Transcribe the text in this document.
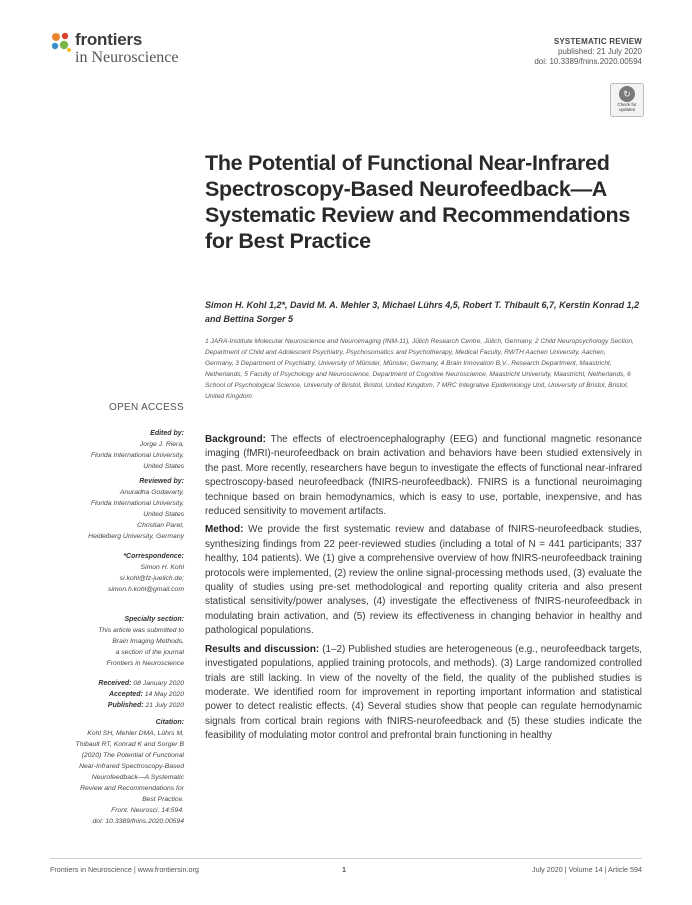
frontiers
in Neuroscience
SYSTEMATIC REVIEW
published: 21 July 2020
doi: 10.3389/fnins.2020.00594
↻
Check for updates
The Potential of Functional Near-Infrared Spectroscopy-Based Neurofeedback—A Systematic Review and Recommendations for Best Practice
Simon H. Kohl 1,2*, David M. A. Mehler 3, Michael Lührs 4,5, Robert T. Thibault 6,7, Kerstin Konrad 1,2 and Bettina Sorger 5
1 JARA-Institute Molecular Neuroscience and Neuroimaging (INM-11), Jülich Research Centre, Jülich, Germany, 2 Child Neuropsychology Section, Department of Child and Adolescent Psychiatry, Psychosomatics and Psychotherapy, Medical Faculty, RWTH Aachen University, Aachen, Germany, 3 Department of Psychiatry, University of Münster, Münster, Germany, 4 Brain Innovation B.V., Research Department, Maastricht, Netherlands, 5 Faculty of Psychology and Neuroscience, Department of Cognitive Neuroscience, Maastricht University, Maastricht, Netherlands, 6 School of Psychological Science, University of Bristol, Bristol, United Kingdom, 7 MRC Integrative Epidemiology Unit, University of Bristol, Bristol, United Kingdom
OPEN ACCESS
Edited by:
Jorge J. Riera,
Florida International University,
United States
Reviewed by:
Anuradha Godavarty,
Florida International University,
United States
Christian Paret,
Heidelberg University, Germany
*Correspondence:
Simon H. Kohl
si.kohl@fz-juelich.de;
simon.h.kohl@gmail.com
Specialty section:
This article was submitted to
Brain Imaging Methods,
a section of the journal
Frontiers in Neuroscience
Received: 08 January 2020
Accepted: 14 May 2020
Published: 21 July 2020
Citation:
Kohl SH, Mehler DMA, Lührs M,
Thibault RT, Konrad K and Sorger B
(2020) The Potential of Functional
Near-Infrared Spectroscopy-Based
Neurofeedback—A Systematic
Review and Recommendations for
Best Practice.
Front. Neurosci. 14:594.
doi: 10.3389/fnins.2020.00594

Background: The effects of electroencephalography (EEG) and functional magnetic resonance imaging (fMRI)-neurofeedback on brain activation and behaviors have been studied extensively in the past. More recently, researchers have begun to investigate the effects of functional near-infrared spectroscopy-based neurofeedback (fNIRS-neurofeedback). FNIRS is a functional neuroimaging technique based on brain hemodynamics, which is easy to use, portable, inexpensive, and has reduced sensitivity to movement artifacts.

Method: We provide the first systematic review and database of fNIRS-neurofeedback studies, synthesizing findings from 22 peer-reviewed studies (including a total of N = 441 participants; 337 healthy, 104 patients). We (1) give a comprehensive overview of how fNIRS-neurofeedback training protocols were implemented, (2) review the online signal-processing methods used, (3) evaluate the quality of studies using pre-set methodological and reporting quality criteria and also present statistical sensitivity/power analyses, (4) investigate the effectiveness of fNIRS-neurofeedback in modulating brain activation, and (5) review its effectiveness in changing behavior in healthy and pathological populations.

Results and discussion: (1–2) Published studies are heterogeneous (e.g., neurofeedback targets, investigated populations, applied training protocols, and methods). (3) Large randomized controlled trials are still lacking. In view of the novelty of the field, the quality of the published studies is moderate. We identified room for improvement in reporting important information and statistical power to detect realistic effects. (4) Several studies show that people can regulate hemodynamic signals from cortical brain regions with fNIRS-neurofeedback and (5) these studies indicate the feasibility of modulating motor control and prefrontal brain functioning in healthy

Frontiers in Neuroscience | www.frontiersin.org	1	July 2020 | Volume 14 | Article 594
